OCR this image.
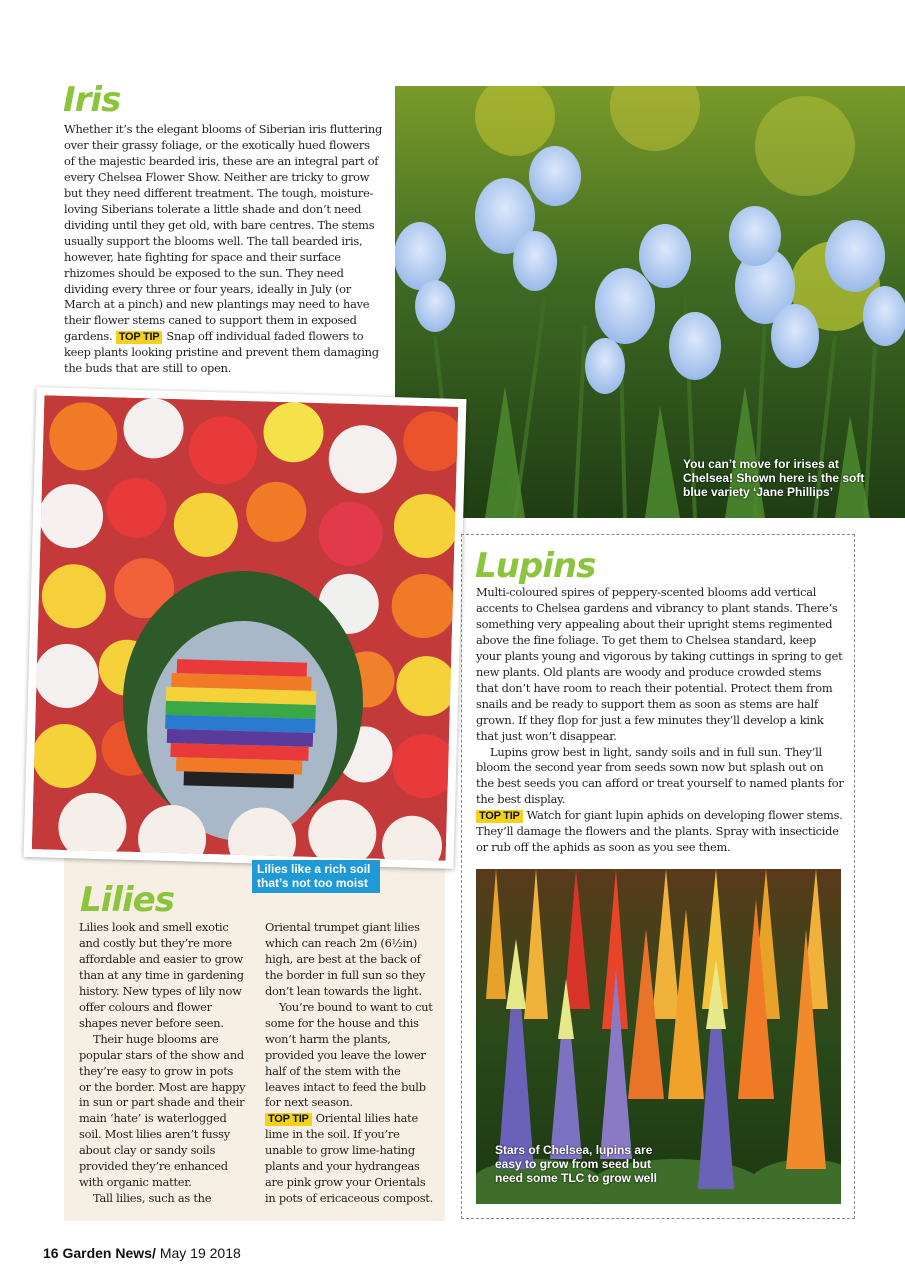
You can’t move for irises at Chelsea! Shown here is the soft blue variety ‘Jane Phillips’
Iris

Whether it’s the elegant blooms of Siberian iris fluttering over their grassy foliage, or the exotically hued flowers of the majestic bearded iris, these are an integral part of every Chelsea Flower Show. Neither are tricky to grow but they need different treatment. The tough, moisture-loving Siberians tolerate a little shade and don’t need dividing until they get old, with bare centres. The stems usually support the blooms well. The tall bearded iris, however, hate fighting for space and their surface rhizomes should be exposed to the sun. They need dividing every three or four years, ideally in July (or March at a pinch) and new plantings may need to have their flower stems caned to support them in exposed gardens. TOP TIP Snap off individual faded flowers to keep plants looking pristine and prevent them damaging the buds that are still to open.

Lilies like a rich soil that’s not too moist
Lilies

Lilies look and smell exotic and costly but they’re more affordable and easier to grow than at any time in gardening history. New types of lily now offer colours and flower shapes never before seen.

Their huge blooms are popular stars of the show and they’re easy to grow in pots or the border. Most are happy in sun or part shade and their main ‘hate’ is waterlogged soil. Most lilies aren’t fussy about clay or sandy soils provided they’re enhanced with organic matter.

Tall lilies, such as the

Oriental trumpet giant lilies which can reach 2m (6½in) high, are best at the back of the border in full sun so they don’t lean towards the light.

You’re bound to want to cut some for the house and this won’t harm the plants, provided you leave the lower half of the stem with the leaves intact to feed the bulb for next season.

TOP TIP Oriental lilies hate lime in the soil. If you’re unable to grow lime-hating plants and your hydrangeas are pink grow your Orientals in pots of ericaceous compost.

Lupins

Multi-coloured spires of peppery-scented blooms add vertical accents to Chelsea gardens and vibrancy to plant stands. There’s something very appealing about their upright stems regimented above the fine foliage. To get them to Chelsea standard, keep your plants young and vigorous by taking cuttings in spring to get new plants. Old plants are woody and produce crowded stems that don’t have room to reach their potential. Protect them from snails and be ready to support them as soon as stems are half grown. If they flop for just a few minutes they’ll develop a kink that just won’t disappear.

Lupins grow best in light, sandy soils and in full sun. They’ll bloom the second year from seeds sown now but splash out on the best seeds you can afford or treat yourself to named plants for the best display.

TOP TIP Watch for giant lupin aphids on developing flower stems. They’ll damage the flowers and the plants. Spray with insecticide or rub off the aphids as soon as you see them.

Stars of Chelsea, lupins are easy to grow from seed but need some TLC to grow well
16 Garden News/ May 19 2018
